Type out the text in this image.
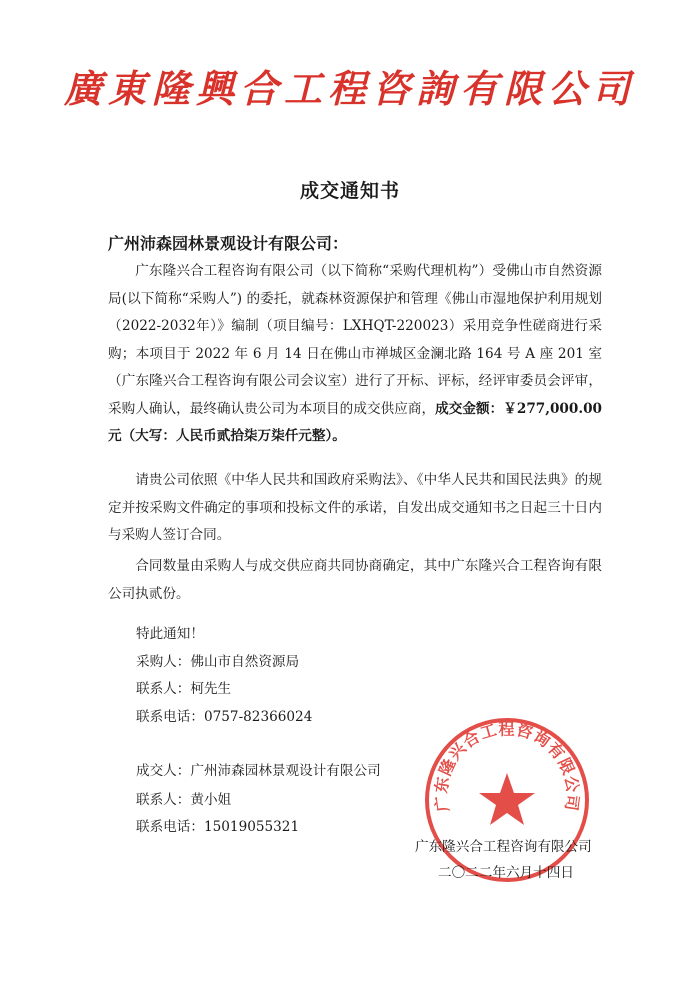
廣東隆興合工程咨詢有限公司
成交通知书
广州沛森园林景观设计有限公司：
广东隆兴合工程咨询有限公司（以下简称“采购代理机构”）受佛山市自然资源局(以下简称“采购人”) 的委托，就森林资源保护和管理《佛山市湿地保护利用规划（2022-2032年）》编制（项目编号：LXHQT-220023）采用竞争性磋商进行采购；本项目于 2022 年 6 月 14 日在佛山市禅城区金澜北路 164 号 A 座 201 室（广东隆兴合工程咨询有限公司会议室）进行了开标、评标，经评审委员会评审，采购人确认，最终确认贵公司为本项目的成交供应商，成交金额：￥277,000.00 元（大写：人民币贰拾柒万柒仟元整）。
请贵公司依照《中华人民共和国政府采购法》、《中华人民共和国民法典》的规定并按采购文件确定的事项和投标文件的承诺，自发出成交通知书之日起三十日内与采购人签订合同。
合同数量由采购人与成交供应商共同协商确定，其中广东隆兴合工程咨询有限公司执贰份。
特此通知！
采购人：佛山市自然资源局
联系人：柯先生
联系电话：0757-82366024
成交人：广州沛森园林景观设计有限公司
联系人：黄小姐
联系电话：15019055321
广东隆兴合工程咨询有限公司
广东隆兴合工程咨询有限公司
二〇二二年六月十四日
